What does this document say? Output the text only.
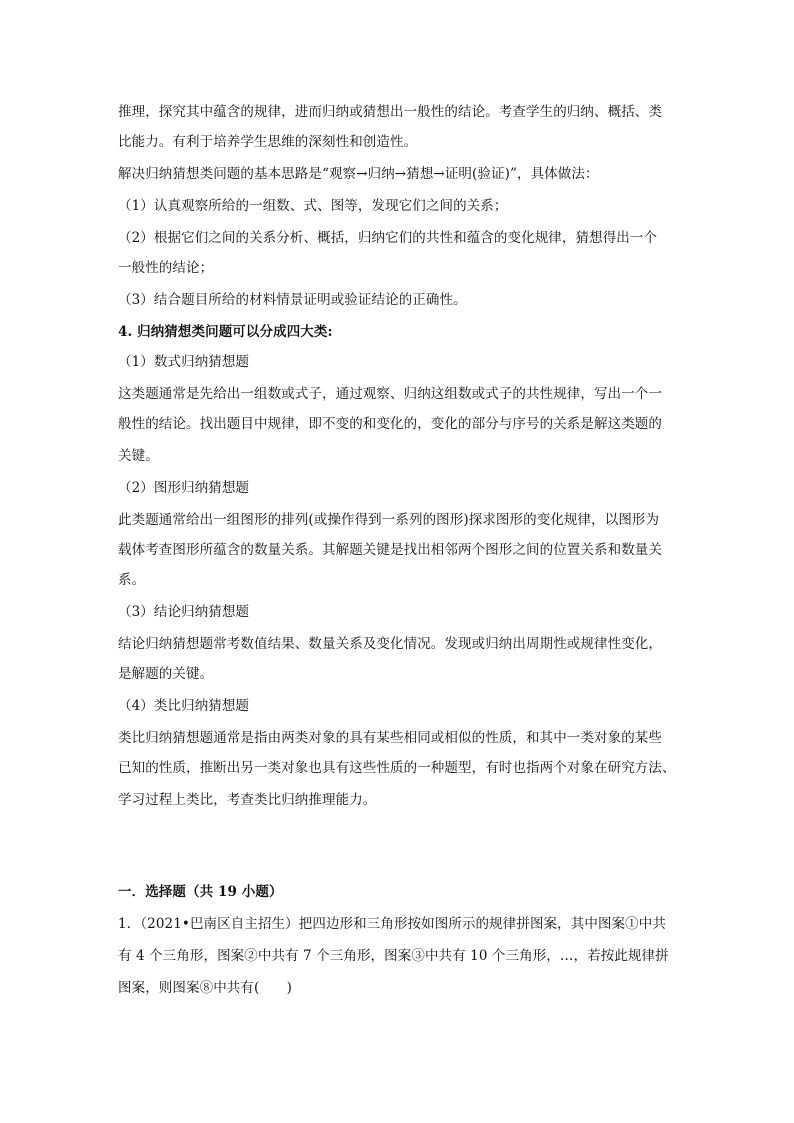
推理，探究其中蕴含的规律，进而归纳或猜想出一般性的结论。考查学生的归纳、概括、类
比能力。有利于培养学生思维的深刻性和创造性。
解决归纳猜想类问题的基本思路是“观察→归纳→猜想→证明(验证)”，具体做法：
（1）认真观察所给的一组数、式、图等，发现它们之间的关系；
（2）根据它们之间的关系分析、概括，归纳它们的共性和蕴含的变化规律，猜想得出一个
一般性的结论；
（3）结合题目所给的材料情景证明或验证结论的正确性。
4. 归纳猜想类问题可以分成四大类:
（1）数式归纳猜想题
这类题通常是先给出一组数或式子，通过观察、归纳这组数或式子的共性规律，写出一个一
般性的结论。找出题目中规律，即不变的和变化的，变化的部分与序号的关系是解这类题的
关键。
（2）图形归纳猜想题
此类题通常给出一组图形的排列(或操作得到一系列的图形)探求图形的变化规律，以图形为
载体考查图形所蕴含的数量关系。其解题关键是找出相邻两个图形之间的位置关系和数量关
系。
（3）结论归纳猜想题
结论归纳猜想题常考数值结果、数量关系及变化情况。发现或归纳出周期性或规律性变化，
是解题的关键。
（4）类比归纳猜想题
类比归纳猜想题通常是指由两类对象的具有某些相同或相似的性质，和其中一类对象的某些
已知的性质，推断出另一类对象也具有这些性质的一种题型，有时也指两个对象在研究方法、
学习过程上类比，考查类比归纳推理能力。
一．选择题（共 19 小题）
1．（2021•巴南区自主招生）把四边形和三角形按如图所示的规律拼图案，其中图案①中共
有 4 个三角形，图案②中共有 7 个三角形，图案③中共有 10 个三角形，…，若按此规律拼
图案，则图案⑧中共有(　　)
